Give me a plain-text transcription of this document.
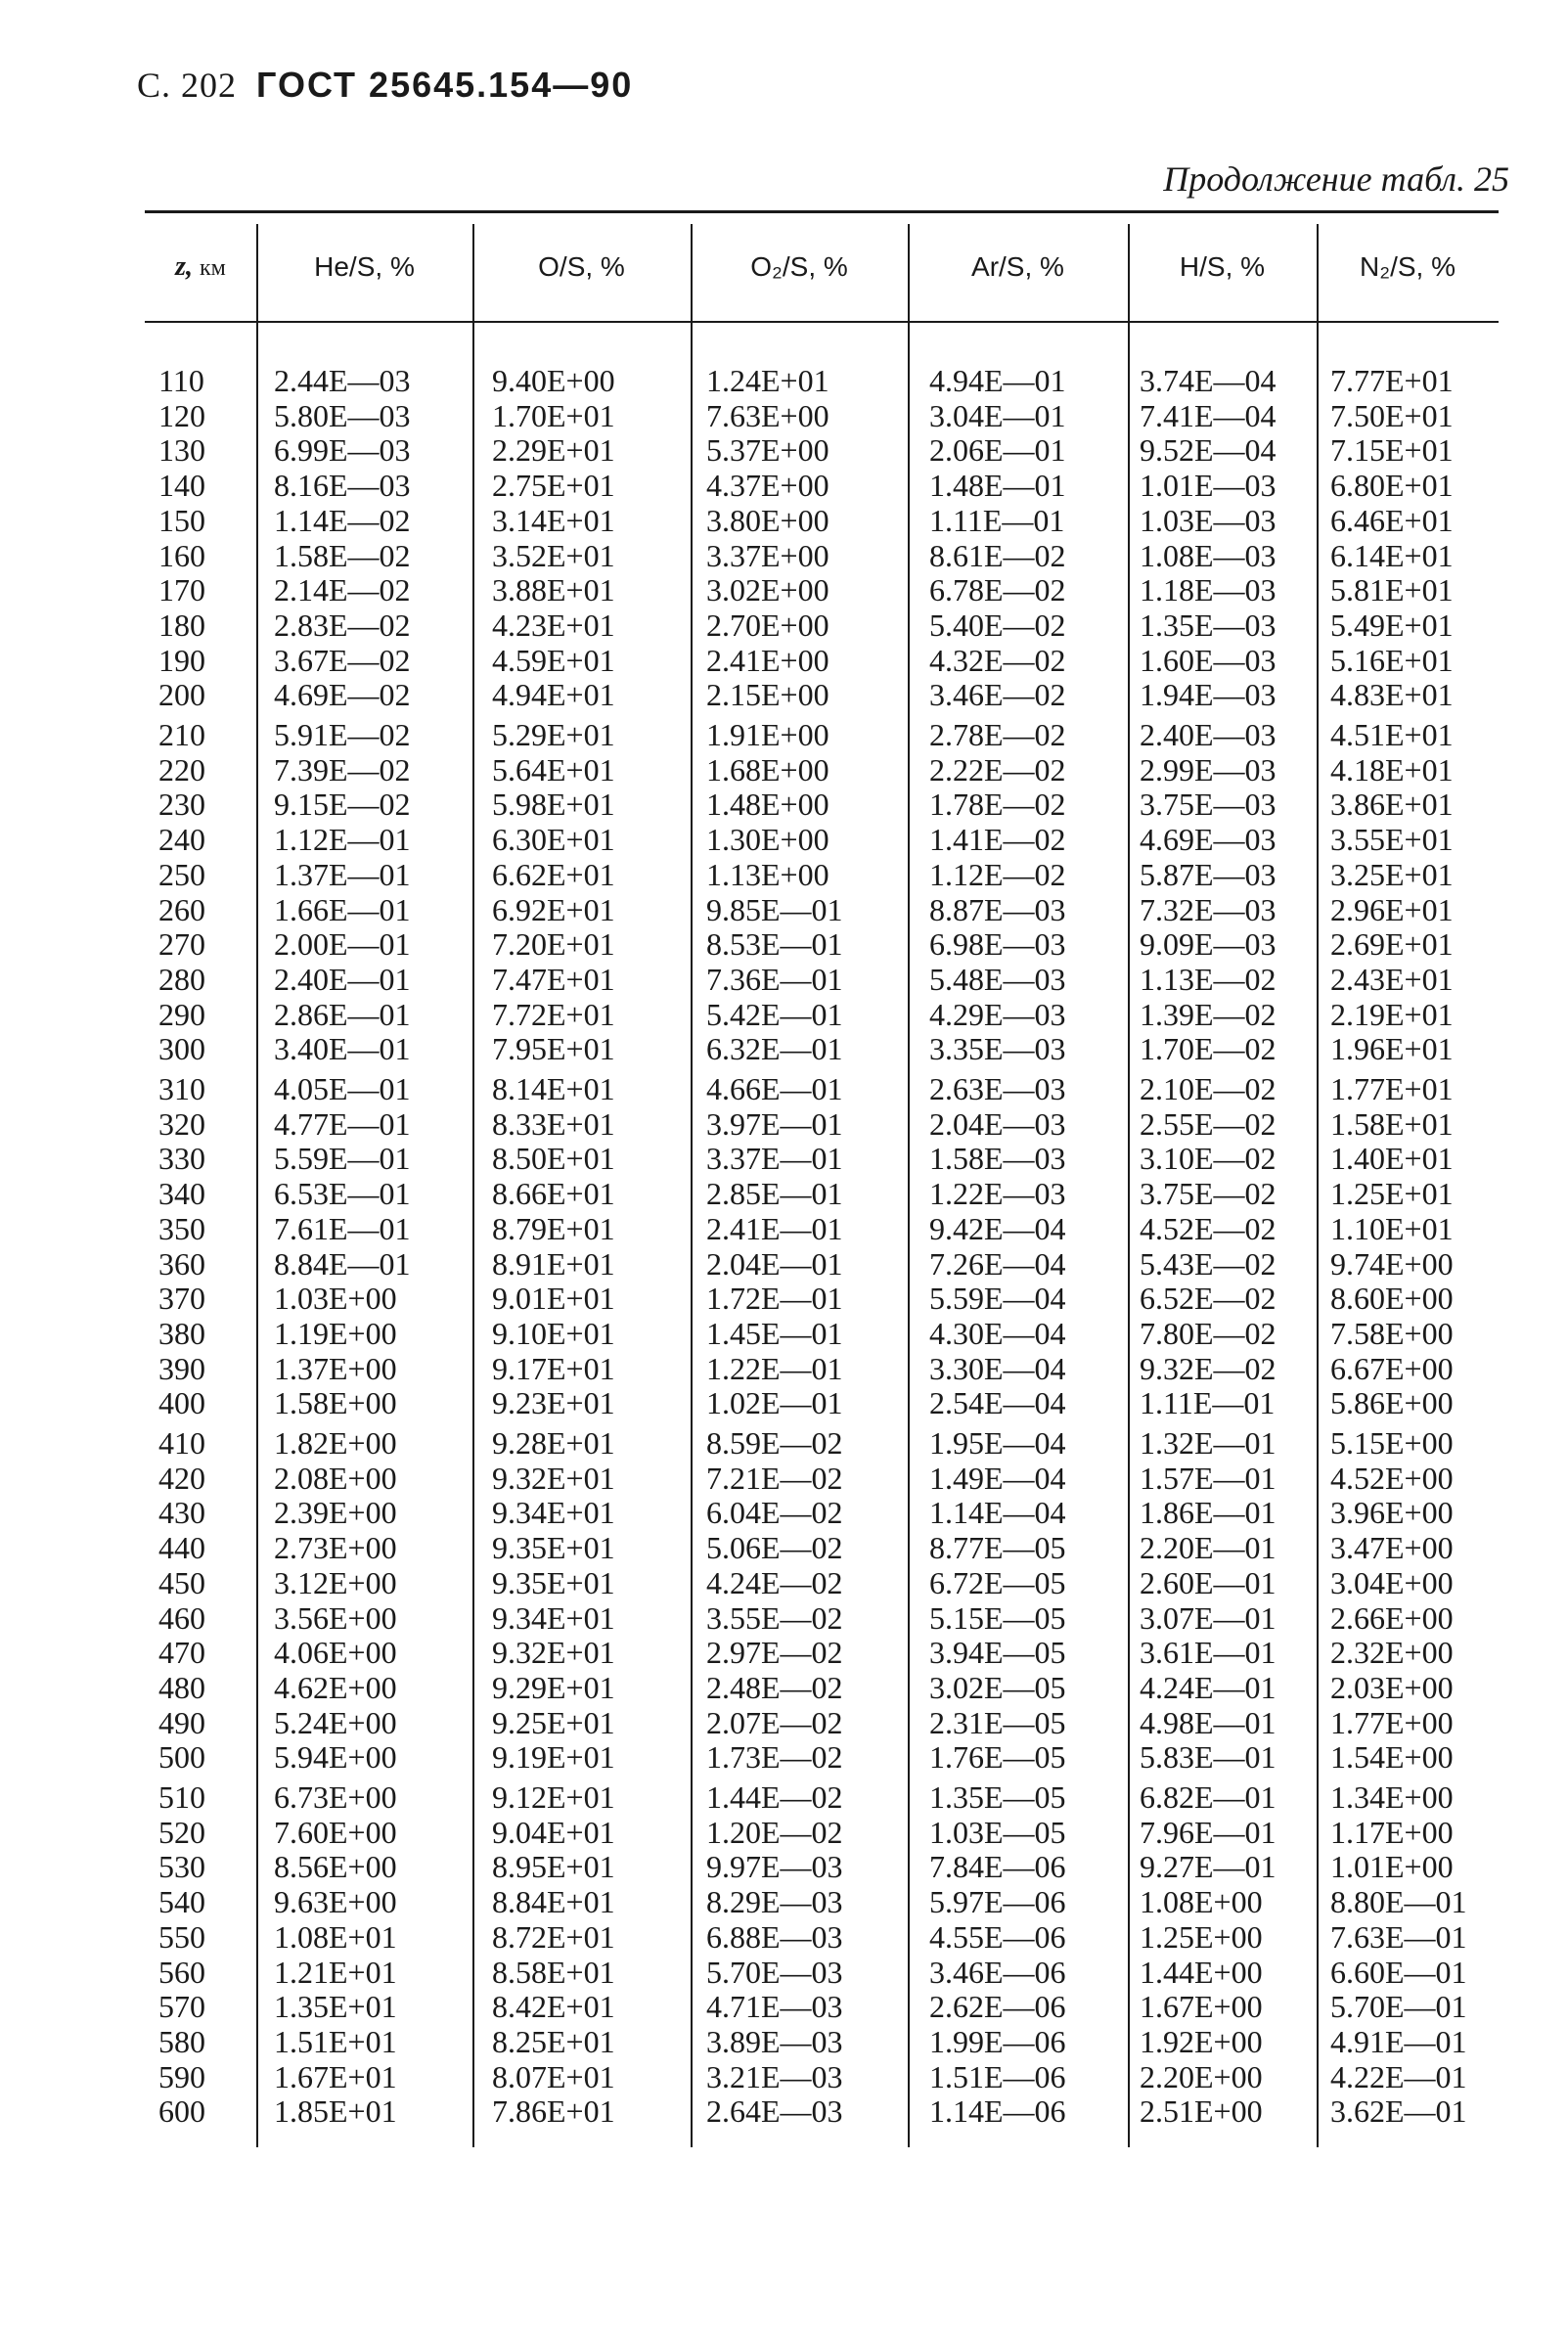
С. 202 ГОСТ 25645.154—90
Продолжение табл. 25
z, км	He/S, %	O/S, %	O₂/S, %	Ar/S, %	H/S, %	N₂/S, %
110 2.44E—03	9.40E+00	1.24E+01	4.94E—01 3.74E—04 7.77E+01
120 5.80E—03	1.70E+01	7.63E+00	3.04E—01 7.41E—04 7.50E+01
130 6.99E—03	2.29E+01	5.37E+00	2.06E—01 9.52E—04 7.15E+01
140 8.16E—03	2.75E+01	4.37E+00	1.48E—01 1.01E—03 6.80E+01
150 1.14E—02	3.14E+01	3.80E+00	1.11E—01 1.03E—03 6.46E+01
160 1.58E—02	3.52E+01	3.37E+00	8.61E—02 1.08E—03 6.14E+01
170 2.14E—02	3.88E+01	3.02E+00	6.78E—02 1.18E—03 5.81E+01
180 2.83E—02	4.23E+01	2.70E+00	5.40E—02 1.35E—03 5.49E+01
190 3.67E—02	4.59E+01	2.41E+00	4.32E—02 1.60E—03 5.16E+01
200 4.69E—02	4.94E+01	2.15E+00	3.46E—02 1.94E—03 4.83E+01
210 5.91E—02	5.29E+01	1.91E+00	2.78E—02 2.40E—03 4.51E+01
220 7.39E—02	5.64E+01	1.68E+00	2.22E—02 2.99E—03 4.18E+01
230 9.15E—02	5.98E+01	1.48E+00	1.78E—02 3.75E—03 3.86E+01
240 1.12E—01	6.30E+01	1.30E+00	1.41E—02 4.69E—03 3.55E+01
250 1.37E—01	6.62E+01	1.13E+00	1.12E—02 5.87E—03 3.25E+01
260 1.66E—01	6.92E+01	9.85E—01	8.87E—03 7.32E—03 2.96E+01
270 2.00E—01	7.20E+01	8.53E—01	6.98E—03 9.09E—03 2.69E+01
280 2.40E—01	7.47E+01	7.36E—01	5.48E—03 1.13E—02 2.43E+01
290 2.86E—01	7.72E+01	5.42E—01	4.29E—03 1.39E—02 2.19E+01
300 3.40E—01	7.95E+01	6.32E—01	3.35E—03 1.70E—02 1.96E+01
310 4.05E—01	8.14E+01	4.66E—01	2.63E—03 2.10E—02 1.77E+01
320 4.77E—01	8.33E+01	3.97E—01	2.04E—03 2.55E—02 1.58E+01
330 5.59E—01	8.50E+01	3.37E—01	1.58E—03 3.10E—02 1.40E+01
340 6.53E—01	8.66E+01	2.85E—01	1.22E—03 3.75E—02 1.25E+01
350 7.61E—01	8.79E+01	2.41E—01	9.42E—04 4.52E—02 1.10E+01
360 8.84E—01	8.91E+01	2.04E—01	7.26E—04 5.43E—02 9.74E+00
370 1.03E+00	9.01E+01	1.72E—01	5.59E—04 6.52E—02 8.60E+00
380 1.19E+00	9.10E+01	1.45E—01	4.30E—04 7.80E—02 7.58E+00
390 1.37E+00	9.17E+01	1.22E—01	3.30E—04 9.32E—02 6.67E+00
400 1.58E+00	9.23E+01	1.02E—01	2.54E—04 1.11E—01 5.86E+00
410 1.82E+00	9.28E+01	8.59E—02	1.95E—04 1.32E—01 5.15E+00
420 2.08E+00	9.32E+01	7.21E—02	1.49E—04 1.57E—01 4.52E+00
430 2.39E+00	9.34E+01	6.04E—02	1.14E—04 1.86E—01 3.96E+00
440 2.73E+00	9.35E+01	5.06E—02	8.77E—05 2.20E—01 3.47E+00
450 3.12E+00	9.35E+01	4.24E—02	6.72E—05 2.60E—01 3.04E+00
460 3.56E+00	9.34E+01	3.55E—02	5.15E—05 3.07E—01 2.66E+00
470 4.06E+00	9.32E+01	2.97E—02	3.94E—05 3.61E—01 2.32E+00
480 4.62E+00	9.29E+01	2.48E—02	3.02E—05 4.24E—01 2.03E+00
490 5.24E+00	9.25E+01	2.07E—02	2.31E—05 4.98E—01 1.77E+00
500 5.94E+00	9.19E+01	1.73E—02	1.76E—05 5.83E—01 1.54E+00
510 6.73E+00	9.12E+01	1.44E—02	1.35E—05 6.82E—01 1.34E+00
520 7.60E+00	9.04E+01	1.20E—02	1.03E—05 7.96E—01 1.17E+00
530 8.56E+00	8.95E+01	9.97E—03	7.84E—06 9.27E—01 1.01E+00
540 9.63E+00	8.84E+01	8.29E—03	5.97E—06 1.08E+00 8.80E—01
550 1.08E+01	8.72E+01	6.88E—03	4.55E—06 1.25E+00 7.63E—01
560 1.21E+01	8.58E+01	5.70E—03	3.46E—06 1.44E+00 6.60E—01
570 1.35E+01	8.42E+01	4.71E—03	2.62E—06 1.67E+00 5.70E—01
580 1.51E+01	8.25E+01	3.89E—03	1.99E—06 1.92E+00 4.91E—01
590 1.67E+01	8.07E+01	3.21E—03	1.51E—06 2.20E+00 4.22E—01
600 1.85E+01	7.86E+01	2.64E—03	1.14E—06 2.51E+00 3.62E—01
